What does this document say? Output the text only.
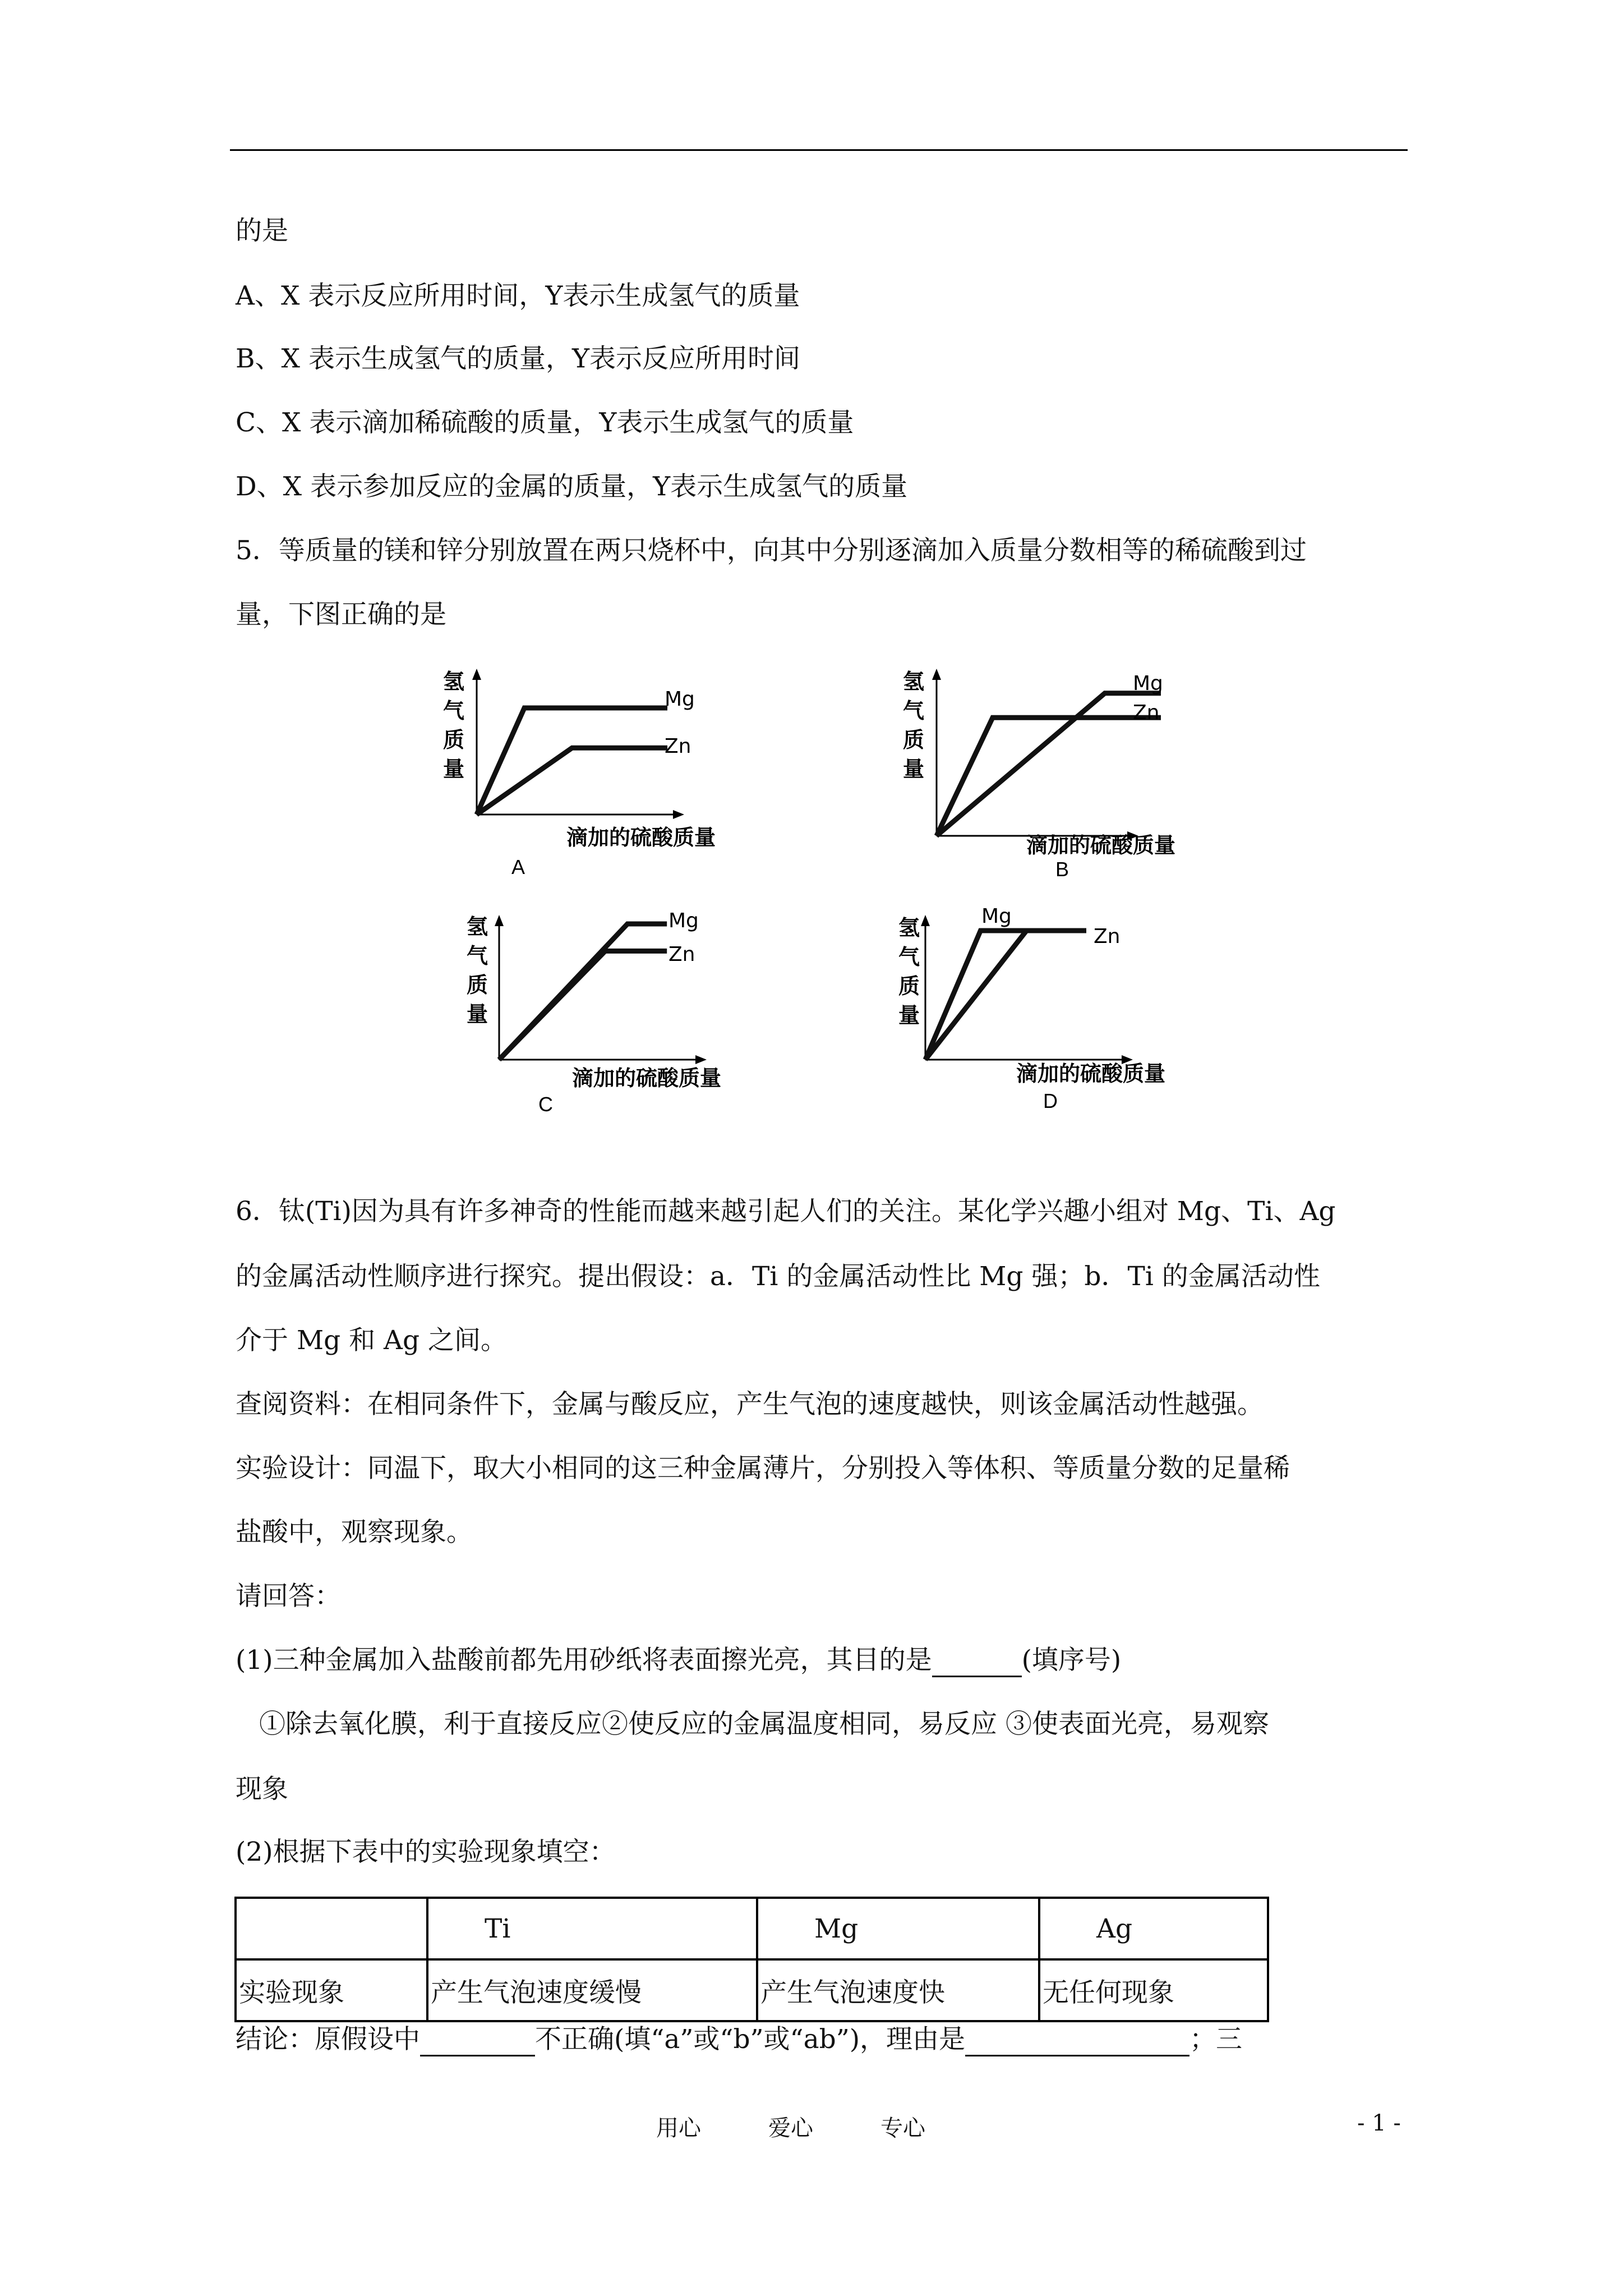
的是
A、X 表示反应所用时间，Y表示生成氢气的质量
B、X 表示生成氢气的质量，Y表示反应所用时间
C、X 表示滴加稀硫酸的质量，Y表示生成氢气的质量
D、X 表示参加反应的金属的质量，Y表示生成氢气的质量
5．等质量的镁和锌分别放置在两只烧杯中，向其中分别逐滴加入质量分数相等的稀硫酸到过
量，下图正确的是
氢
气
质
量
Mg
Zn
滴加的硫酸质量
A
氢
气
质
量
Mg
Zn
滴加的硫酸质量
B
氢
气
质
量
Mg
Zn
滴加的硫酸质量
C
氢
气
质
量
Mg
Zn
滴加的硫酸质量
D
6．钛(Ti)因为具有许多神奇的性能而越来越引起人们的关注。某化学兴趣小组对 Mg、Ti、Ag
的金属活动性顺序进行探究。提出假设：a．Ti 的金属活动性比 Mg 强；b．Ti 的金属活动性
介于 Mg 和 Ag 之间。
查阅资料：在相同条件下，金属与酸反应，产生气泡的速度越快，则该金属活动性越强。
实验设计：同温下，取大小相同的这三种金属薄片，分别投入等体积、等质量分数的足量稀
盐酸中，观察现象。
请回答：
(1)三种金属加入盐酸前都先用砂纸将表面擦光亮，其目的是	(填序号)
①除去氧化膜，利于直接反应②使反应的金属温度相同，易反应 ③使表面光亮，易观察
现象
(2)根据下表中的实验现象填空：
	Ti	Mg	Ag
实验现象	产生气泡速度缓慢	产生气泡速度快	无任何现象
结论：原假设中	不正确(填“a”或“b”或“ab”)，理由是	；三
用心	爱心	专心	- 1 -
